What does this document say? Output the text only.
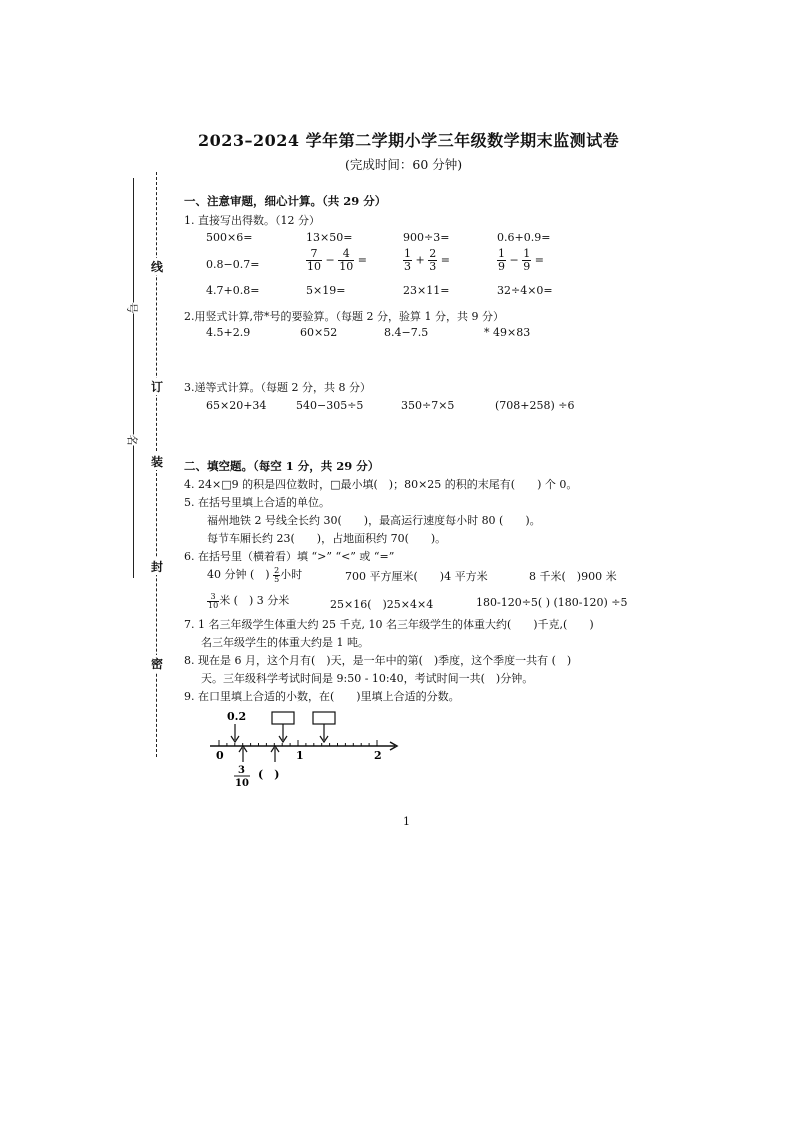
2023–2024 学年第二学期小学三年级数学期末监测试卷
(完成时间：60 分钟)
线
订
装
封
密
号
名
一、注意审题，细心计算。（共 29 分）
1. 直接写出得数。（12 分）
500×6=	13×50=	900÷3=	0.6+0.9=
0.8−0.7=	$\frac{7}{10} - \frac{4}{10}$ =	$\frac{1}{3} + \frac{2}{3}$ =	$\frac{1}{9} - \frac{1}{9}$ =
4.7+0.8=	5×19=	23×11=	32÷4×0=
2.用竖式计算,带*号的要验算。（每题 2 分，验算 1 分，共 9 分）
4.5+2.9	60×52	8.4−7.5	* 49×83
3.递等式计算。（每题 2 分，共 8 分）
65×20+34	540−305÷5	350÷7×5	(708+258) ÷6
二、填空题。（每空 1 分，共 29 分）
4. 24×□9 的积是四位数时，□最小填(　)；80×25 的积的末尾有(　　) 个 0。
5. 在括号里填上合适的单位。
福州地铁 2 号线全长约 30(　　)，最高运行速度每小时 80 (　　)。
每节车厢长约 23(　　)，占地面积约 70(　　)。
6. 在括号里（横着看）填 “>” “<” 或 “=”
40 分钟 (　) $\frac{2}{5}$ 小时	700 平方厘米(　　)4 平方米	8 千米(　)900 米
$\frac{3}{10}$ 米 (　) 3 分米	25×16(　)25×4×4	180-120÷5( ) (180-120) ÷5
7. 1 名三年级学生体重大约 25 千克, 10 名三年级学生的体重大约(　　)千克,(　　)
名三年级学生的体重大约是 1 吨。
8. 现在是 6 月，这个月有(　)天，是一年中的第(　)季度，这个季度一共有 (　)
天。三年级科学考试时间是 9:50 - 10:40，考试时间一共(　)分钟。
9. 在口里填上合适的小数，在(　　)里填上合适的分数。
0.2
0	1	2
3
10
(　)
1
